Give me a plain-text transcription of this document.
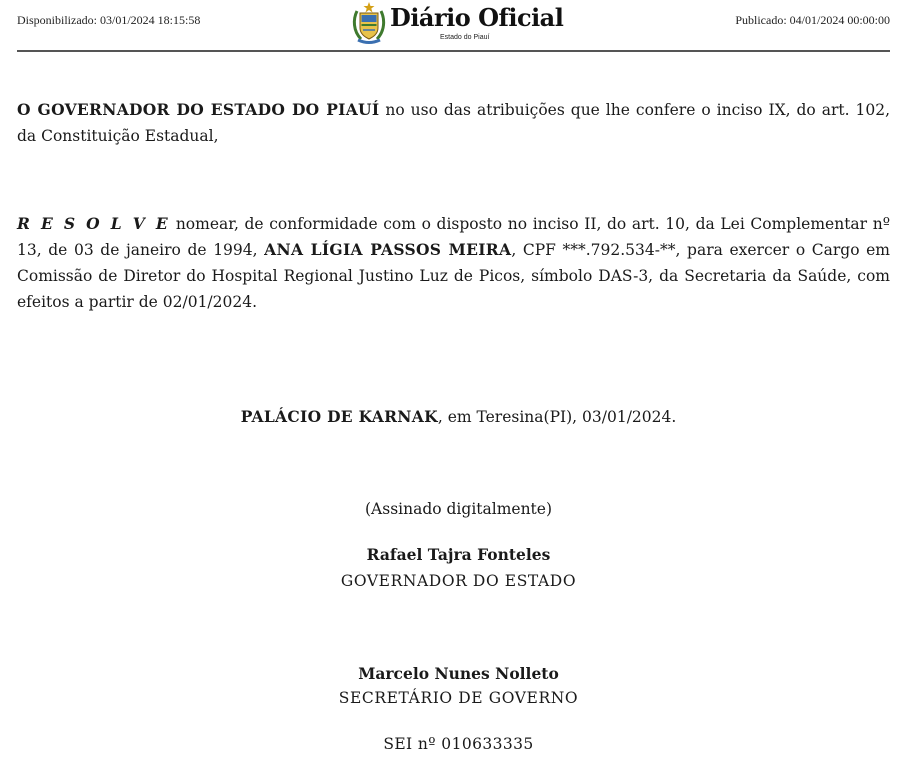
Disponibilizado: 03/01/2024 18:15:58	Diário Oficial
Estado do Piauí
Publicado: 04/01/2024 00:00:00

O GOVERNADOR DO ESTADO DO PIAUÍ no uso das atribuições que lhe confere o inciso IX, do art. 102, da Constituição Estadual,

R E S O L V E nomear, de conformidade com o disposto no inciso II, do art. 10, da Lei Complementar nº 13, de 03 de janeiro de 1994, ANA LÍGIA PASSOS MEIRA, CPF ***.792.534-**, para exercer o Cargo em Comissão de Diretor do Hospital Regional Justino Luz de Picos, símbolo DAS-3, da Secretaria da Saúde, com efeitos a partir de 02/01/2024.

PALÁCIO DE KARNAK, em Teresina(PI), 03/01/2024.
(Assinado digitalmente)
Rafael Tajra Fonteles
GOVERNADOR DO ESTADO
Marcelo Nunes Nolleto
SECRETÁRIO DE GOVERNO
SEI nº 010633335
